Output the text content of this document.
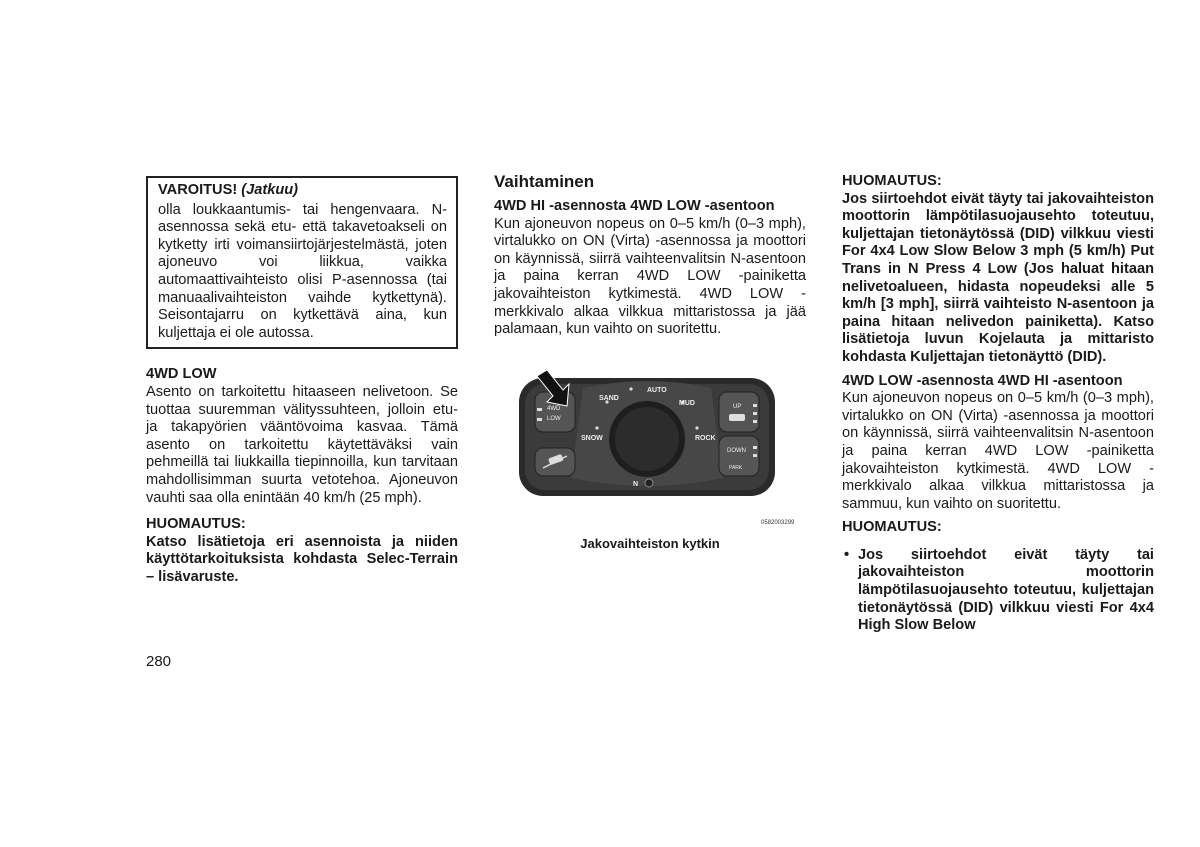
VAROITUS! (Jatkuu)

olla loukkaantumis- tai hengenvaara. N-asennossa sekä etu- että takavetoakseli on kytketty irti voimansiirtojärjestelmästä, joten ajoneuvo voi liikkua, vaikka automaattivaihteisto olisi P-asennossa (tai manuaalivaihteiston vaihde kytkettynä). Seisontajarru on kytkettävä aina, kun kuljettaja ei ole autossa.

4WD LOW

Asento on tarkoitettu hitaaseen nelivetoon. Se tuottaa suuremman välityssuhteen, jolloin etu- ja takapyörien vääntövoima kasvaa. Tämä asento on tarkoitettu käytettäväksi vain pehmeillä tai liukkailla tiepinnoilla, kun tarvitaan mahdollisimman suurta vetotehoa. Ajoneuvon vauhti saa olla enintään 40 km/h (25 mph).

HUOMAUTUS:

Katso lisätietoja eri asennoista ja niiden käyttötarkoituksista kohdasta Selec-Terrain – lisävaruste.

Vaihtaminen

4WD HI -asennosta 4WD LOW -asentoon

Kun ajoneuvon nopeus on 0–5 km/h (0–3 mph), virtalukko on ON (Virta) -asennossa ja moottori on käynnissä, siirrä vaihteenvalitsin N-asentoon ja paina kerran 4WD LOW -painiketta jakovaihteiston kytkimestä. 4WD LOW -merkkivalo alkaa vilkkua mittaristossa ja jää palamaan, kun vaihto on suoritettu.

AUTO
SAND
MUD
SNOW	ROCK
4WD
LOW
UP
DOWN
PARK
N
0582003299
Jakovaihteiston kytkin

HUOMAUTUS:

Jos siirtoehdot eivät täyty tai jakovaihteiston moottorin lämpötilasuojausehto toteutuu, kuljettajan tietonäytössä (DID) vilkkuu viesti For 4x4 Low Slow Below 3 mph (5 km/h) Put Trans in N Press 4 Low (Jos haluat hitaan nelivetoalueen, hidasta nopeudeksi alle 5 km/h [3 mph], siirrä vaihteisto N-asentoon ja paina hitaan nelivedon painiketta). Katso lisätietoja luvun Kojelauta ja mittaristo kohdasta Kuljettajan tietonäyttö (DID).

4WD LOW -asennosta 4WD HI -asentoon

Kun ajoneuvon nopeus on 0–5 km/h (0–3 mph), virtalukko on ON (Virta) -asennossa ja moottori on käynnissä, siirrä vaihteenvalitsin N-asentoon ja paina kerran 4WD LOW -painiketta jakovaihteiston kytkimestä. 4WD LOW -merkkivalo alkaa vilkkua mittaristossa ja sammuu, kun vaihto on suoritettu.

HUOMAUTUS:

• Jos siirtoehdot eivät täyty tai jakovaihteiston moottorin lämpötilasuojausehto toteutuu, kuljettajan tietonäytössä (DID) vilkkuu viesti For 4x4 High Slow Below

280
